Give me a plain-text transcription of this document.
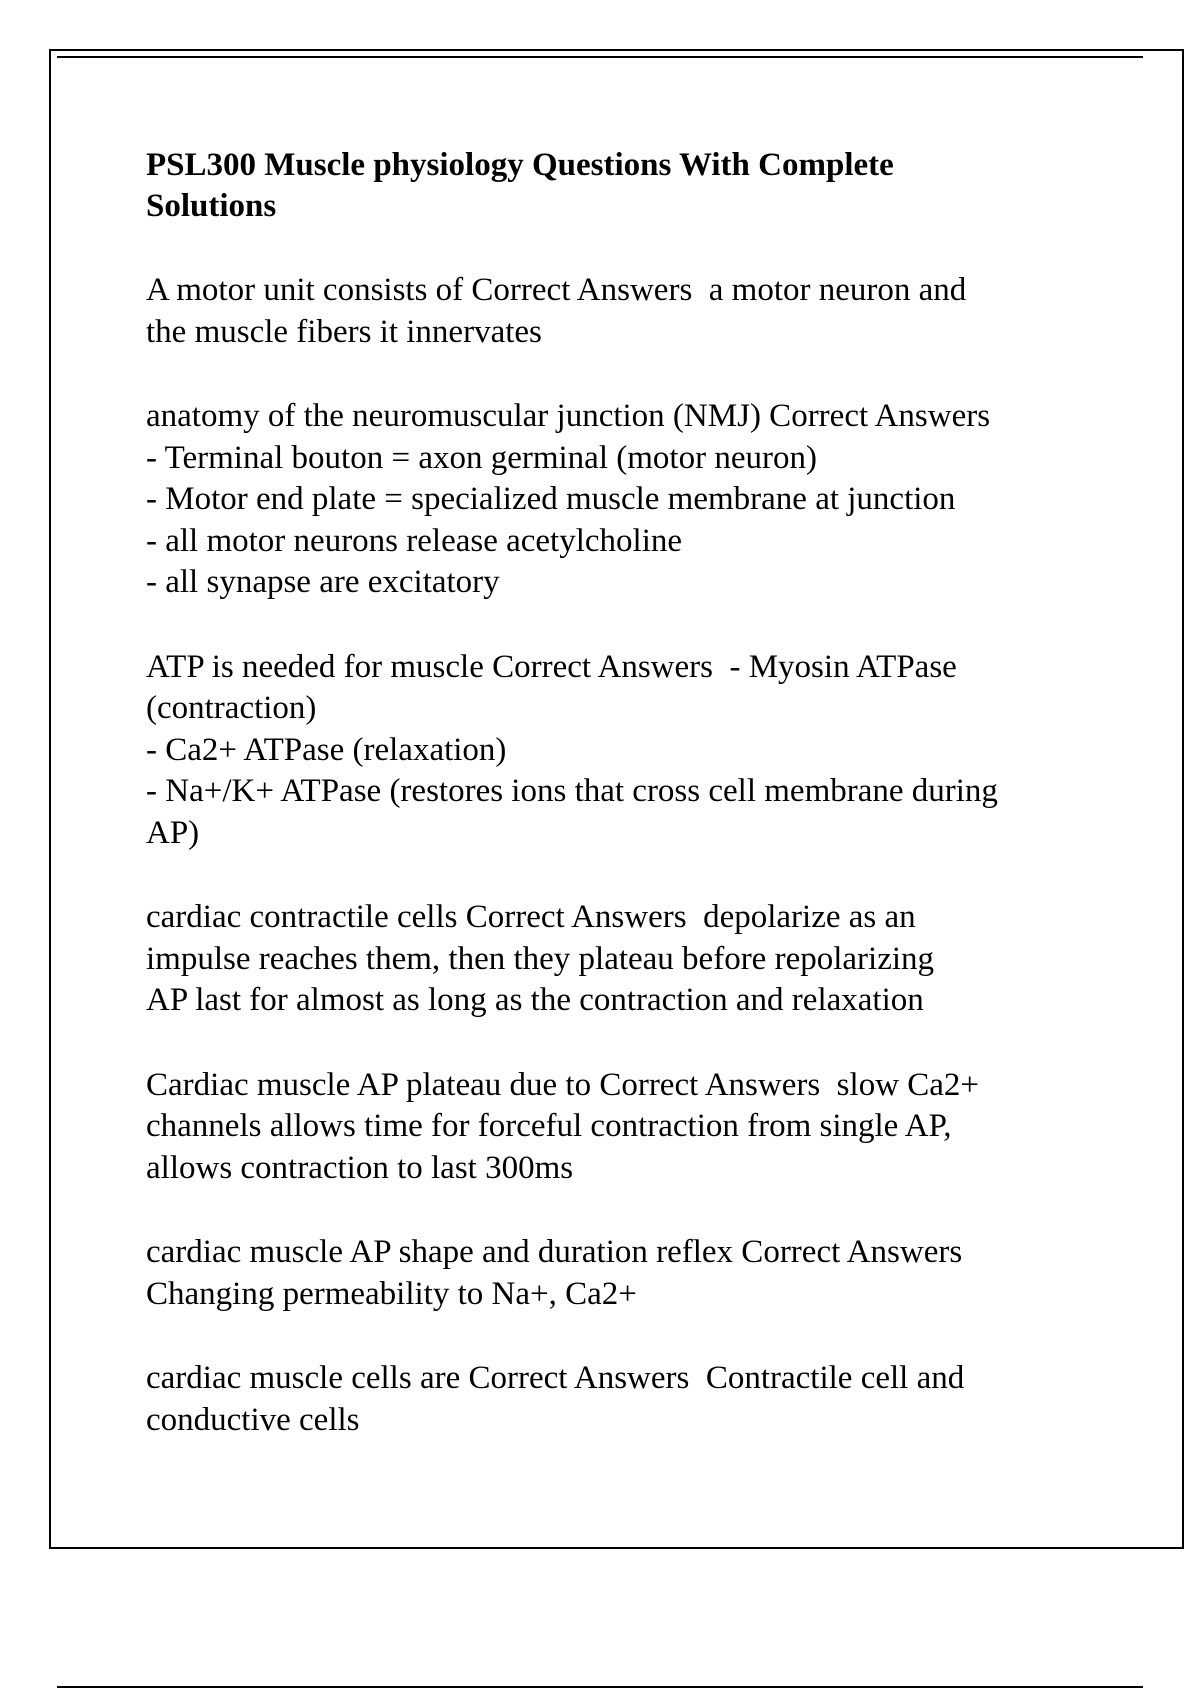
PSL300 Muscle physiology Questions With Complete
Solutions
A motor unit consists of Correct Answers  a motor neuron and
the muscle fibers it innervates
anatomy of the neuromuscular junction (NMJ) Correct Answers
- Terminal bouton = axon germinal (motor neuron)
- Motor end plate = specialized muscle membrane at junction
- all motor neurons release acetylcholine
- all synapse are excitatory
ATP is needed for muscle Correct Answers  - Myosin ATPase
(contraction)
- Ca2+ ATPase (relaxation)
- Na+/K+ ATPase (restores ions that cross cell membrane during
AP)
cardiac contractile cells Correct Answers  depolarize as an
impulse reaches them, then they plateau before repolarizing
AP last for almost as long as the contraction and relaxation
Cardiac muscle AP plateau due to Correct Answers  slow Ca2+
channels allows time for forceful contraction from single AP,
allows contraction to last 300ms
cardiac muscle AP shape and duration reflex Correct Answers
Changing permeability to Na+, Ca2+
cardiac muscle cells are Correct Answers  Contractile cell and
conductive cells
